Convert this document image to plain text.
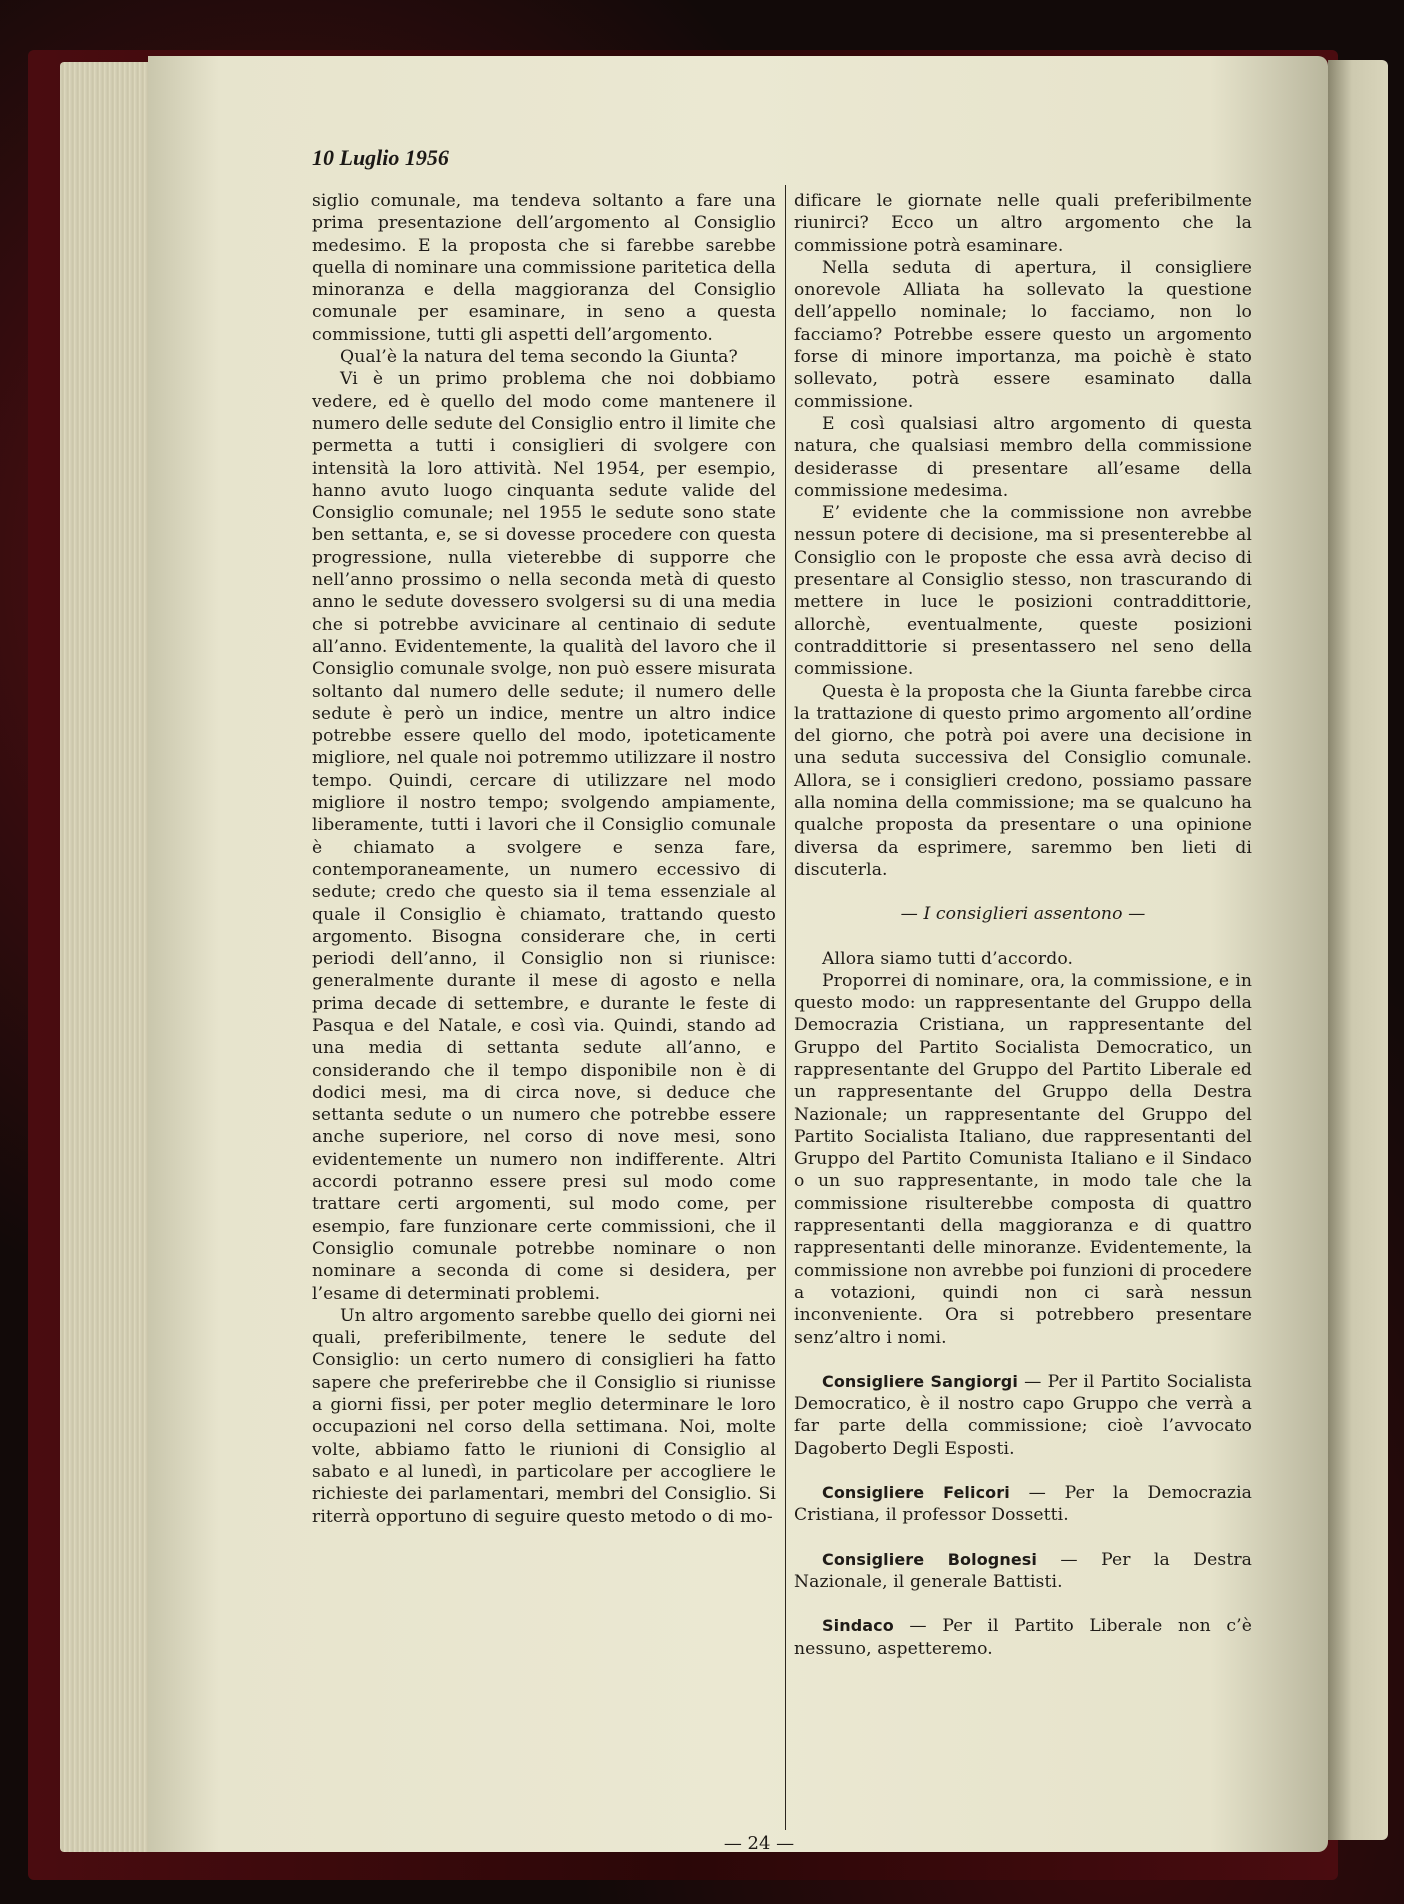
10 Luglio 1956

siglio comunale, ma tendeva soltanto a fare una prima presentazione dell’argomento al Consiglio medesimo. E la proposta che si farebbe sarebbe quella di nominare una commissione paritetica della minoranza e della maggioranza del Consiglio comunale per esaminare, in seno a questa commissione, tutti gli aspetti dell’argomento.

Qual’è la natura del tema secondo la Giunta?

Vi è un primo problema che noi dobbiamo vedere, ed è quello del modo come mantenere il numero delle sedute del Consiglio entro il limite che permetta a tutti i consiglieri di svolgere con intensità la loro attività. Nel 1954, per esempio, hanno avuto luogo cinquanta sedute valide del Consiglio comunale; nel 1955 le sedute sono state ben settanta, e, se si dovesse procedere con questa progressione, nulla vieterebbe di supporre che nell’anno prossimo o nella seconda metà di questo anno le sedute dovessero svolgersi su di una media che si potrebbe avvicinare al centinaio di sedute all’anno. Evidentemente, la qualità del lavoro che il Consiglio comunale svolge, non può essere misurata soltanto dal numero delle sedute; il numero delle sedute è però un indice, mentre un altro indice potrebbe essere quello del modo, ipoteticamente migliore, nel quale noi potremmo utilizzare il nostro tempo. Quindi, cercare di utilizzare nel modo migliore il nostro tempo; svolgendo ampiamente, liberamente, tutti i lavori che il Consiglio comunale è chiamato a svolgere e senza fare, contemporaneamente, un numero eccessivo di sedute; credo che questo sia il tema essenziale al quale il Consiglio è chiamato, trattando questo argomento. Bisogna considerare che, in certi periodi dell’anno, il Consiglio non si riunisce: generalmente durante il mese di agosto e nella prima decade di settembre, e durante le feste di Pasqua e del Natale, e così via. Quindi, stando ad una media di settanta sedute all’anno, e considerando che il tempo disponibile non è di dodici mesi, ma di circa nove, si deduce che settanta sedute o un numero che potrebbe essere anche superiore, nel corso di nove mesi, sono evidentemente un numero non indifferente. Altri accordi potranno essere presi sul modo come trattare certi argomenti, sul modo come, per esempio, fare funzionare certe commissioni, che il Consiglio comunale potrebbe nominare o non nominare a seconda di come si desidera, per l’esame di determinati problemi.

Un altro argomento sarebbe quello dei giorni nei quali, preferibilmente, tenere le sedute del Consiglio: un certo numero di consiglieri ha fatto sapere che preferirebbe che il Consiglio si riunisse a giorni fissi, per poter meglio determinare le loro occupazioni nel corso della settimana. Noi, molte volte, abbiamo fatto le riunioni di Consiglio al sabato e al lunedì, in particolare per accogliere le richieste dei parlamentari, membri del Consiglio. Si riterrà opportuno di seguire questo metodo o di mo-

dificare le giornate nelle quali preferibilmente riunirci? Ecco un altro argomento che la commissione potrà esaminare.

Nella seduta di apertura, il consigliere onorevole Alliata ha sollevato la questione dell’appello nominale; lo facciamo, non lo facciamo? Potrebbe essere questo un argomento forse di minore importanza, ma poichè è stato sollevato, potrà essere esaminato dalla commissione.

E così qualsiasi altro argomento di questa natura, che qualsiasi membro della commissione desiderasse di presentare all’esame della commissione medesima.

E’ evidente che la commissione non avrebbe nessun potere di decisione, ma si presenterebbe al Consiglio con le proposte che essa avrà deciso di presentare al Consiglio stesso, non trascurando di mettere in luce le posizioni contraddittorie, allorchè, eventualmente, queste posizioni contraddittorie si presentassero nel seno della commissione.

Questa è la proposta che la Giunta farebbe circa la trattazione di questo primo argomento all’ordine del giorno, che potrà poi avere una decisione in una seduta successiva del Consiglio comunale. Allora, se i consiglieri credono, possiamo passare alla nomina della commissione; ma se qualcuno ha qualche proposta da presentare o una opinione diversa da esprimere, saremmo ben lieti di discuterla.

— I consiglieri assentono —

Allora siamo tutti d’accordo.

Proporrei di nominare, ora, la commissione, e in questo modo: un rappresentante del Gruppo della Democrazia Cristiana, un rappresentante del Gruppo del Partito Socialista Democratico, un rappresentante del Gruppo del Partito Liberale ed un rappresentante del Gruppo della Destra Nazionale; un rappresentante del Gruppo del Partito Socialista Italiano, due rappresentanti del Gruppo del Partito Comunista Italiano e il Sindaco o un suo rappresentante, in modo tale che la commissione risulterebbe composta di quattro rappresentanti della maggioranza e di quattro rappresentanti delle minoranze. Evidentemente, la commissione non avrebbe poi funzioni di procedere a votazioni, quindi non ci sarà nessun inconveniente. Ora si potrebbero presentare senz’altro i nomi.

Consigliere Sangiorgi — Per il Partito Socialista Democratico, è il nostro capo Gruppo che verrà a far parte della commissione; cioè l’avvocato Dagoberto Degli Esposti.

Consigliere Felicori — Per la Democrazia Cristiana, il professor Dossetti.

Consigliere Bolognesi — Per la Destra Nazionale, il generale Battisti.

Sindaco — Per il Partito Liberale non c’è nessuno, aspetteremo.

— 24 —
